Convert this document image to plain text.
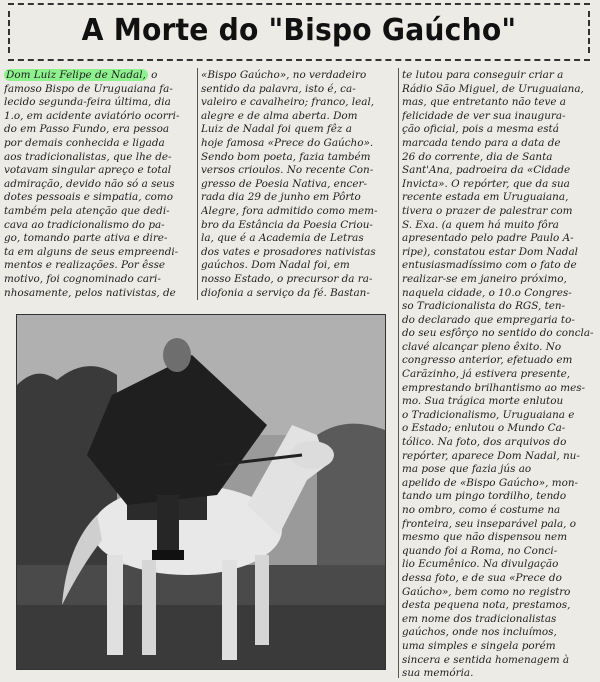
A Morte do "Bispo Gaúcho"
Dom Luiz Felipe de Nadal, o
famoso Bispo de Uruguaiana fa-
lecido segunda-feira última, dia
1.o, em acidente aviatório ocorri-
do em Passo Fundo, era pessoa
por demais conhecida e ligada
aos tradicionalistas, que lhe de-
votavam singular apreço e total
admiração, devido não só a seus
dotes pessoais e simpatia, como
também pela atenção que dedi-
cava ao tradicionalismo do pa-
go, tomando parte ativa e dire-
ta em alguns de seus empreendi-
mentos e realizações. Por êsse
motivo, foi cognominado cari-
nhosamente, pelos nativistas, de
«Bispo Gaúcho», no verdadeiro
sentido da palavra, isto é, ca-
valeiro e cavalheiro; franco, leal,
alegre e de alma aberta. Dom
Luiz de Nadal foi quem fêz a
hoje famosa «Prece do Gaúcho».
Sendo bom poeta, fazia também
versos crioulos. No recente Con-
gresso de Poesia Nativa, encer-
rada dia 29 de junho em Pôrto
Alegre, fora admitido como mem-
bro da Estância da Poesia Criou-
la, que é a Academia de Letras
dos vates e prosadores nativistas
gaúchos. Dom Nadal foi, em
nosso Estado, o precursor da ra-
diofonia a serviço da fé. Bastan-
te lutou para conseguir criar a
Rádio São Miguel, de Uruguaiana,
mas, que entretanto não teve a
felicidade de ver sua inaugura-
ção oficial, pois a mesma está
marcada tendo para a data de
26 do corrente, dia de Santa
Sant'Ana, padroeira da «Cidade
Invicta». O repórter, que da sua
recente estada em Uruguaiana,
tivera o prazer de palestrar com
S. Exa. (a quem há muito fôra
apresentado pelo padre Paulo A-
ripe), constatou estar Dom Nadal
entusiasmadíssimo com o fato de
realizar-se em janeiro próximo,
naquela cidade, o 10.o Congres-
so Tradicionalista do RGS, ten-
do declarado que empregaria to-
do seu esfôrço no sentido do concla-
clavé alcançar pleno êxito. No
congresso anterior, efetuado em
Carãzinho, já estivera presente,
emprestando brilhantismo ao mes-
mo. Sua trágica morte enlutou
o Tradicionalismo, Uruguaiana e
o Estado; enlutou o Mundo Ca-
tólico. Na foto, dos arquivos do
repórter, aparece Dom Nadal, nu-
ma pose que fazia jús ao
apelido de «Bispo Gaúcho», mon-
tando um pingo tordilho, tendo
no ombro, como é costume na
fronteira, seu inseparável pala, o
mesmo que não dispensou nem
quando foi a Roma, no Conci-
lio Ecumênico. Na divulgação
dessa foto, e de sua «Prece do
Gaúcho», bem como no registro
desta pequena nota, prestamos,
em nome dos tradicionalistas
gaúchos, onde nos incluímos,
uma simples e singela porém
sincera e sentida homenagem à
sua memória.
